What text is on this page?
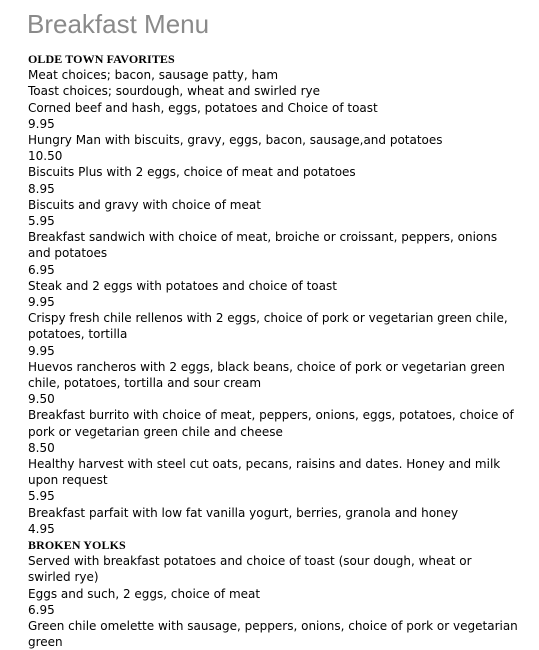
Breakfast Menu
OLDE TOWN FAVORITES
Meat choices; bacon, sausage patty, ham
Toast choices; sourdough, wheat and swirled rye
Corned beef and hash, eggs, potatoes and Choice of toast
9.95
Hungry Man with biscuits, gravy, eggs, bacon, sausage,and potatoes
10.50
Biscuits Plus with 2 eggs, choice of meat and potatoes
8.95
Biscuits and gravy with choice of meat
5.95
Breakfast sandwich with choice of meat, broiche or croissant, peppers, onions and potatoes
6.95
Steak and 2 eggs with potatoes and choice of toast
9.95
Crispy fresh chile rellenos with 2 eggs, choice of pork or vegetarian green chile, potatoes, tortilla
9.95
Huevos rancheros with 2 eggs, black beans, choice of pork or vegetarian green chile, potatoes, tortilla and sour cream
9.50
Breakfast burrito with choice of meat, peppers, onions, eggs, potatoes, choice of pork or vegetarian green chile and cheese
8.50
Healthy harvest with steel cut oats, pecans, raisins and dates. Honey and milk upon request
5.95
Breakfast parfait with low fat vanilla yogurt, berries, granola and honey
4.95
BROKEN YOLKS
Served with breakfast potatoes and choice of toast (sour dough, wheat or swirled rye)
Eggs and such, 2 eggs, choice of meat
6.95
Green chile omelette with sausage, peppers, onions, choice of pork or vegetarian green
